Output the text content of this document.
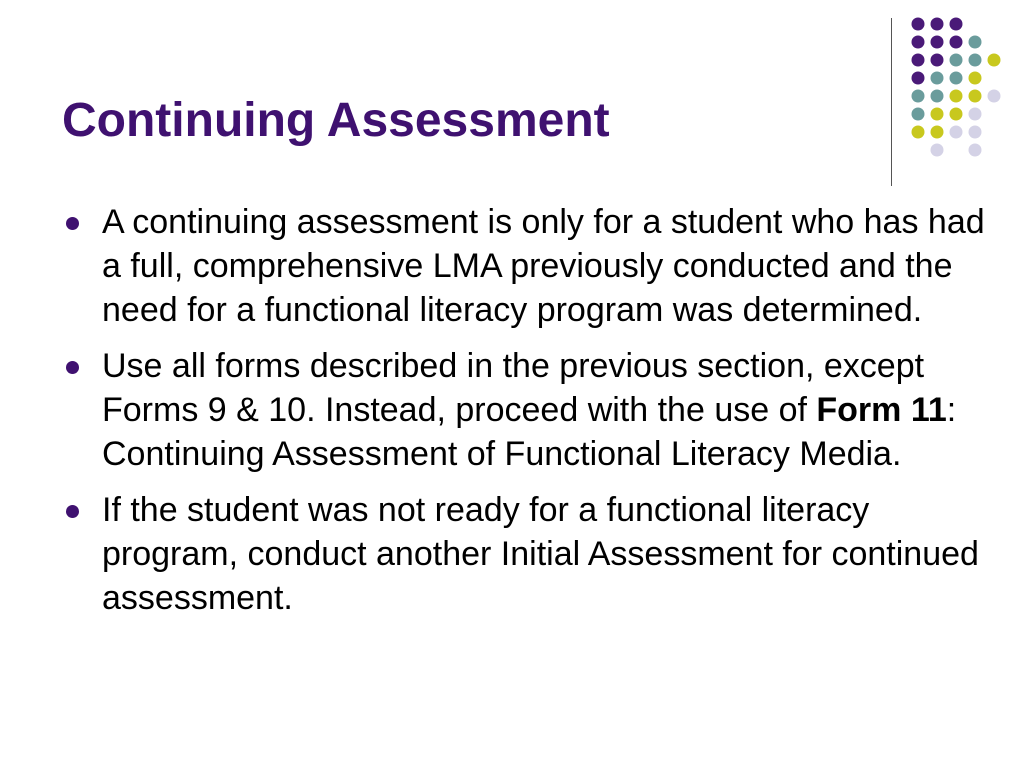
Continuing Assessment
A continuing assessment is only for a student who has had a full, comprehensive LMA previously conducted and the need for a functional literacy program was determined.
Use all forms described in the previous section, except Forms 9 & 10. Instead, proceed with the use of Form 11: Continuing Assessment of Functional Literacy Media.
If the student was not ready for a functional literacy program, conduct another Initial Assessment for continued assessment.
